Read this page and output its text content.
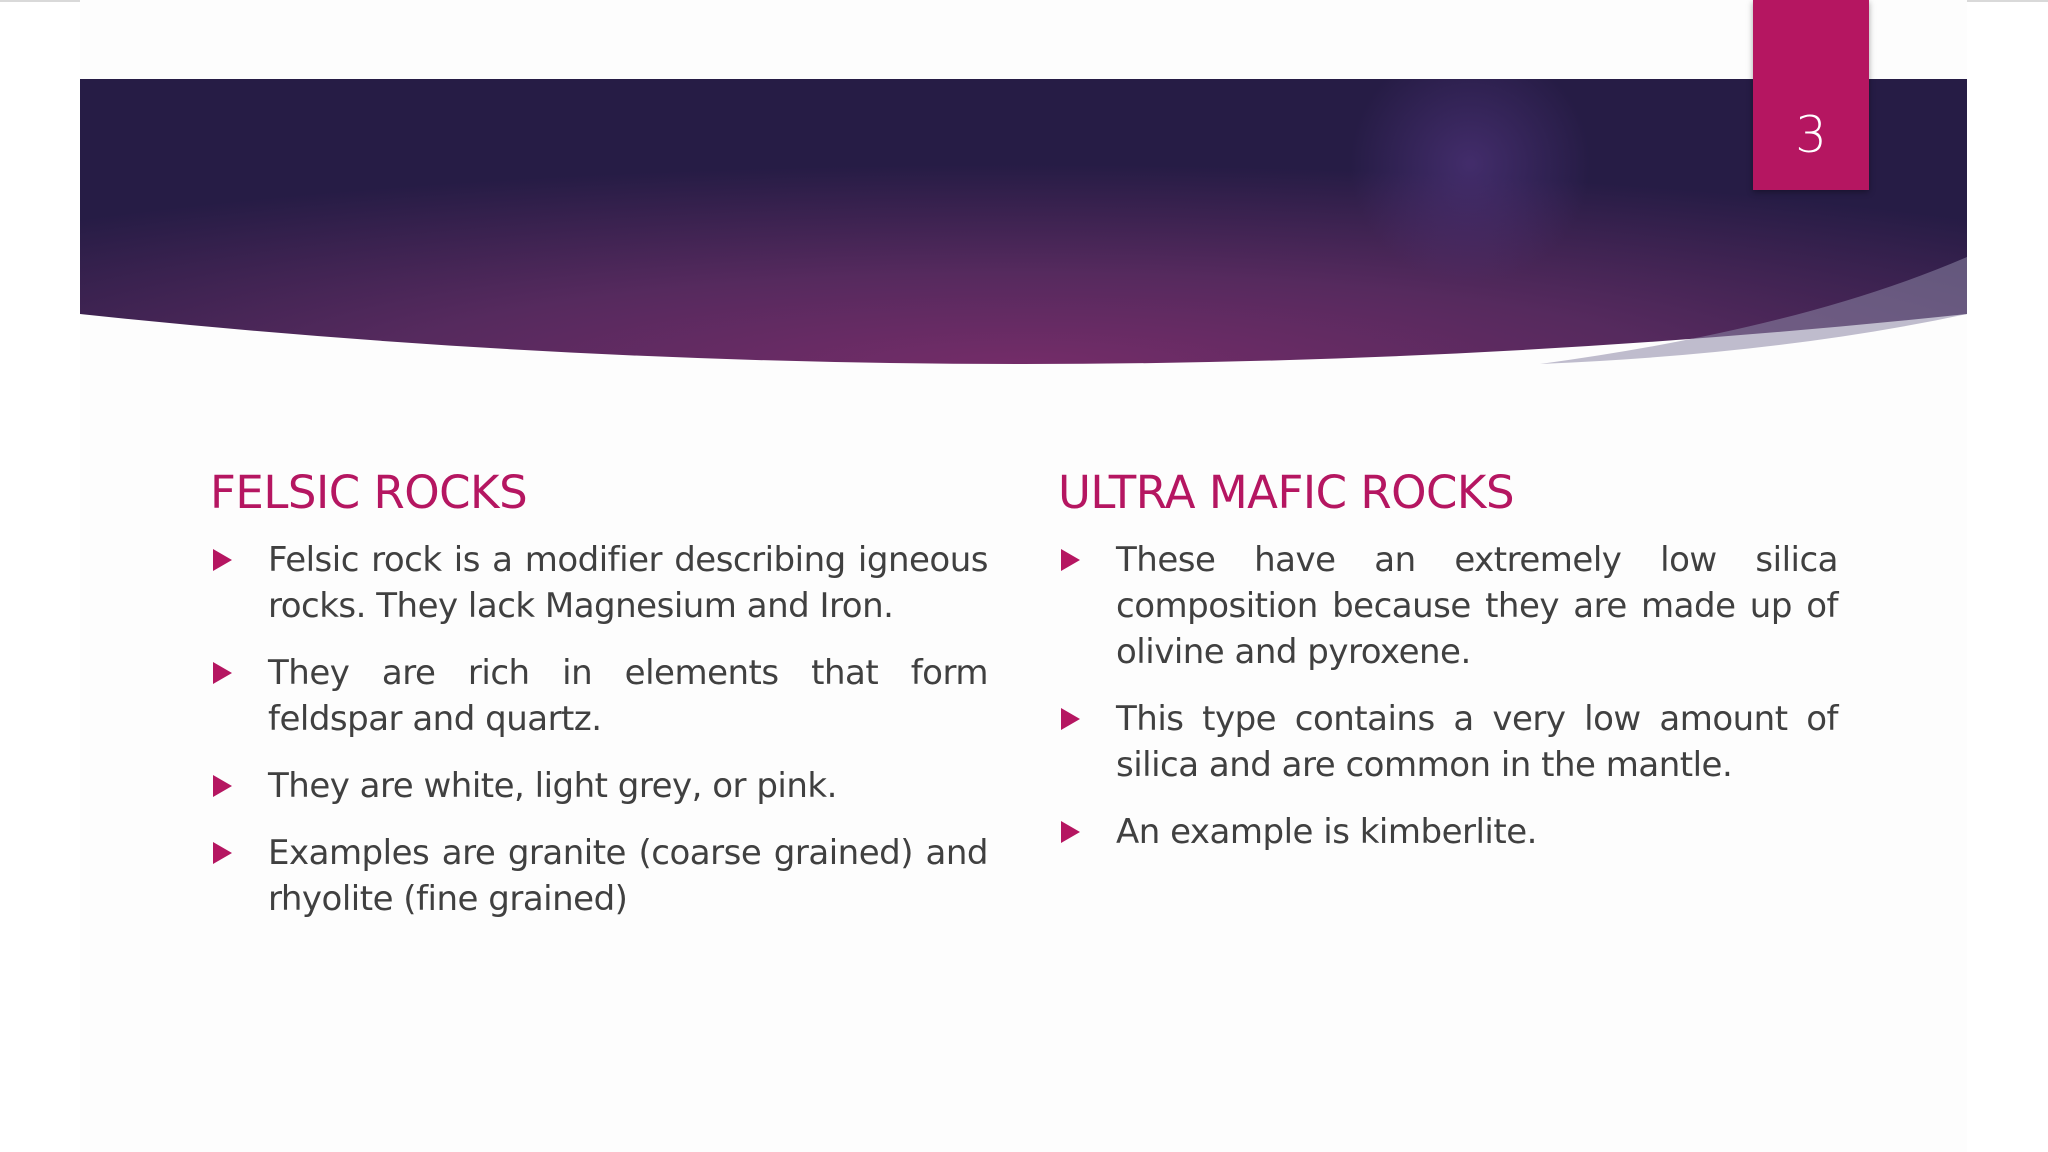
3
FELSIC ROCKS
Felsic rock is a modifier describing igneous rocks. They lack Magnesium and Iron.
They are rich in elements that form feldspar and quartz.
They are white, light grey, or pink.
Examples are granite (coarse grained) and rhyolite (fine grained)
ULTRA MAFIC ROCKS
These have an extremely low silica composition because they are made up of olivine and pyroxene.
This type contains a very low amount of silica and are common in the mantle.
An example is kimberlite.
